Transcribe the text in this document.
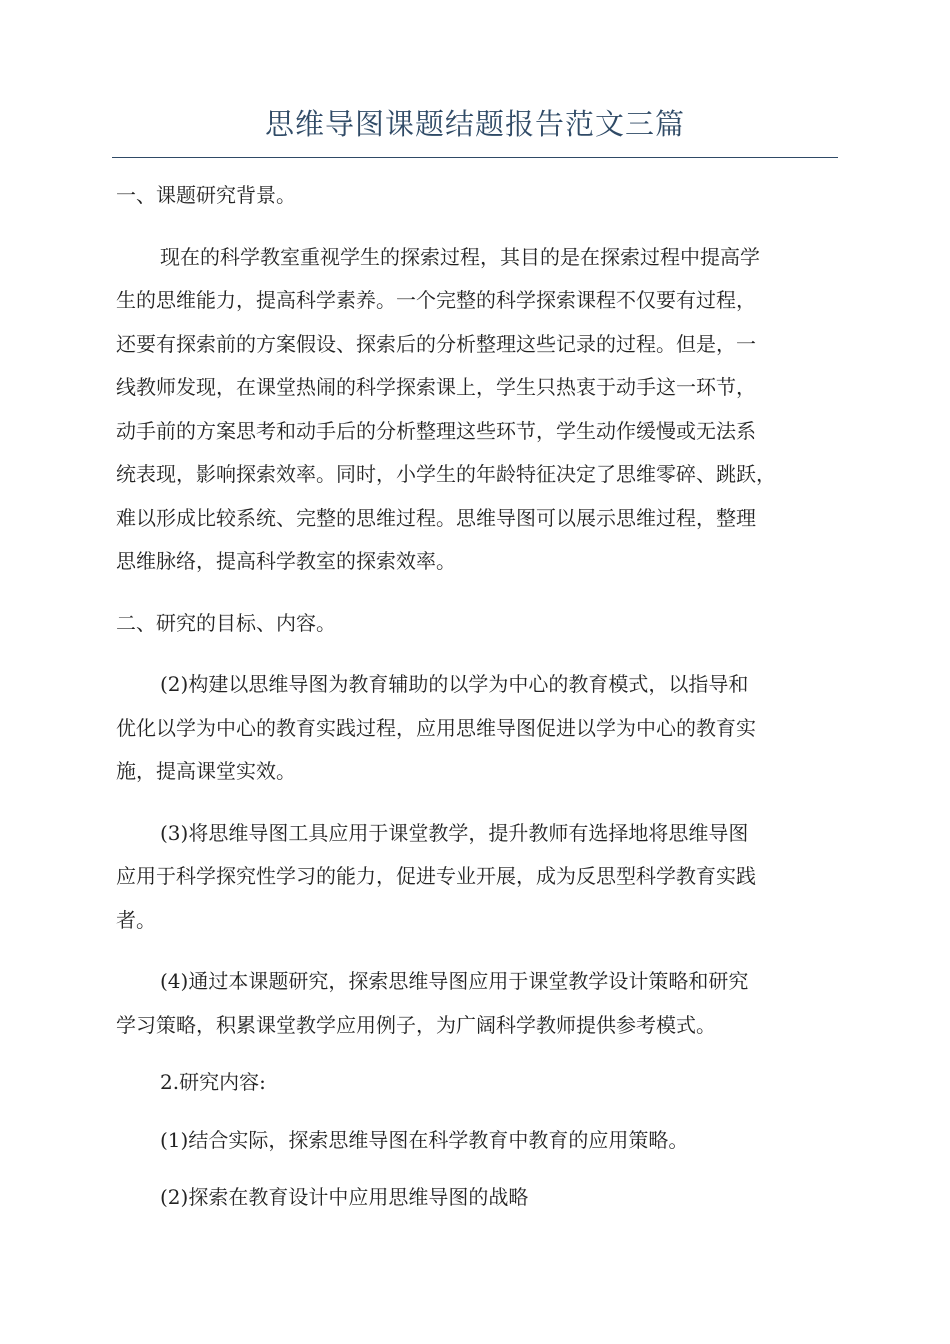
思维导图课题结题报告范文三篇

一、课题研究背景。

现在的科学教室重视学生的探索过程，其目的是在探索过程中提高学

生的思维能力，提高科学素养。一个完整的科学探索课程不仅要有过程，

还要有探索前的方案假设、探索后的分析整理这些记录的过程。但是，一

线教师发现，在课堂热闹的科学探索课上，学生只热衷于动手这一环节，

动手前的方案思考和动手后的分析整理这些环节，学生动作缓慢或无法系

统表现，影响探索效率。同时，小学生的年龄特征决定了思维零碎、跳跃，

难以形成比较系统、完整的思维过程。思维导图可以展示思维过程，整理

思维脉络，提高科学教室的探索效率。

二、研究的目标、内容。

(2)构建以思维导图为教育辅助的以学为中心的教育模式，以指导和

优化以学为中心的教育实践过程，应用思维导图促进以学为中心的教育实

施，提高课堂实效。

(3)将思维导图工具应用于课堂教学，提升教师有选择地将思维导图

应用于科学探究性学习的能力，促进专业开展，成为反思型科学教育实践

者。

(4)通过本课题研究，探索思维导图应用于课堂教学设计策略和研究

学习策略，积累课堂教学应用例子，为广阔科学教师提供参考模式。

2.研究内容:

(1)结合实际，探索思维导图在科学教育中教育的应用策略。

(2)探索在教育设计中应用思维导图的战略
